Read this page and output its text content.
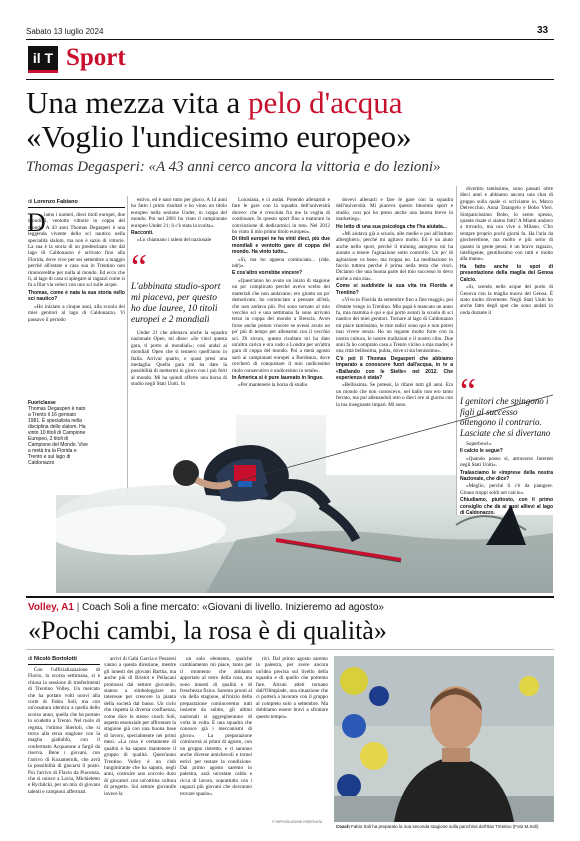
Sabato 13 luglio 2024	33
il T Sport
Una mezza vita a pelo d'acqua
«Voglio l'undicesimo europeo»
Thomas Degasperi: «A 43 anni cerco ancora la vittoria e do lezioni»
di Lorenzo Fabiano
D

iamo i numeri, dieci titoli europei, due mondiali, ventotto vittorie in coppa del mondo. A 43 anni Thomas Degasperi è una leggenda vivente dello sci nautico nella specialità slalom, ma non è sazio di vittorie. La sua è la storia di un predestinato che dal lago di Caldonazzo è arrivato fino alla Florida, dove vive per sei settembre a maggio perché all'estate a casa sua in Trentino non rinuncerebbe per nulla al mondo. Ed ecco che lì, al lago di casa si spiegare ai ragazzi come si fa a filar via veloci con uno sci sulle acque.

Thomas, come è nata la sua storia nello sci nautico?

«Ho iniziato a cinque anni, alla scuola dei miei genitori al lago di Caldonazzo. Vi passavo il periodo

Fuoriclasse
Thomas Degasperi è nato a Trento il 16 gennaio 1981. È specialista nella disciplina dello slalom. Ha vinto 10 titoli di Campione Europeo, 2 titoli di Campione del Mondo. Vive a metà tra la Florida e Trento e sul lago di Caldonazzo

estivo, ed è nato tutto per gioco. A 14 anni ho fatto i primi risultati e ho vinto un titolo europeo nella sezione Under, in coppa del mondo. Poi nel 2001 ho vinto il campionato europeo Under 21; lì c'è stata la svolta».

Racconti.

«Lo chiamano i talent del nazionale

“
L'abbinata studio-sport mi piaceva, per questo ho due lauree, 10 titoli europei e 2 mondiali

Under 21 che allenava anche la squadra nazionale Open, mi disse: «Se vinci questa gara, ti porto ai mondiali»; così andai ai mondiali Open che si tennero quell'anno in Italia. Arrivai quarto, e quasi presi una medaglia. Quella gara mi ha dato la possibilità di mettermi in gioco con i più forti al mondo. Mi ha quindi offerto una borsa di studio negli Stati Uniti. In

Louisiana, e ci andai. Potendo allenarmi e fare le gare con la squadra dell'università dicevo: che è cresciuta fra me la voglia di continuare. In questo sport fino a maturare la convinzione di dedicarmici in toto. Nel 2012 ho vinto il mio primo titolo europeo».

Di titoli europei ne ha vinti dieci, più due mondiali e ventotto gare di coppa del mondo. Ha vinto tutto...

«Sì, ma ho appena cominciato... (ride, ndr)».

E cos'altro vorrebbe vincere?

«Quest'anno ho avuto un inizio di stagione un po' complicato perché avevo scelto dei materiali che non andavano; ero giunto un po' demotivato, ho cominciato a pensare all'età, che non andava più. Poi sono tornato al mio vecchio sci e una settimana fa sono arrivato terzo in coppa del mondo a Brescia. Avrei forse anche potuto vincere se avessi avuto un po' più di tempo per allenarmi con il vecchio sci. Di sicuro, questo risultato mi ha dato un'altra carica e ora vado a Londra per un'altra gara di coppa del mondo. Poi a metà agosto sarò ai campionati europei a Bordeaux, dove cercherò di conquistare il mio undicesimo titolo consecutivo e undicesimo in totale».

In America si è pure laureato in lingue.

«Per mantenere la borsa di studio

dovevi allenarti e fare le gare con la squadra dell'università. Mi piaceva questo binomio sport e studio, così poi ho preso anche una laurea breve in marketing».

Ho letto di una sua psicologa che l'ha aiutata...

«Mi aiutava già a scuola, alle medie e poi all'istituto alberghiero, perché mi agitavo molto. Ed è un aiuto anche nello sport, perché il training autogeno mi ha aiutato a tenere l'agitazione sotto controllo. Un po' di agitazione va bene, ma troppa no. La meditazione lo faccio tuttora perché è prima nella testa che vinci. Diciamo che una buona parte del mio successo lo devo anche a mia zia».

Come si suddivide la sua vita tra Florida e Trentino?

«Vivo in Florida da settembre fino a fine maggio, poi d'estate vengo in Trentino. Mio papà è mancato un anno fa, mia mamma è qui e qui porto avanti la scuola di sci nautico dei miei genitori. Tornare al lago di Caldonazzo mi piace tantissimo, le mie radici sono qui e non potrei mai vivere senza. Ho un legame molto forte con la nostra cultura, le nostre tradizioni e il nostro cibo. Due anni fa ho comprato casa a Trento vicino a mia madre; è una città bellissima, pulita, dove si sta benissimo».

C'è poi il Thomas Degasperi che abbiamo imparato a conoscere fuori dall'acqua, in tv a «Ballando con le Stelle» nel 2012. Che esperienza è stata?

«Bellissima. Se potessi, la rifarei tutti gli anni. Era un mondo che non conoscevo, nel ballo non ero tanto ferrato, ma poi allenandoli otto o dieci ore al giorno con la tua insegnante impari. Mi sono

divertito tantissimo, sono passati oltre dieci anni e abbiamo ancora una chat di gruppo sulla quale ci scriviamo io, Marco Delvecchio, Anna Tatangelo e Bobo Vieri. Simpaticissimo Bobo, lo sento spesso, quante risate ci siamo fatti! A Miami andavo a trovarlo, ma ora vive a Milano. C'ho sempre proprio pochi giorni fa. Ha l'aria da giocherellone, ma molto è più serio di quanto la gente pensi; è un bravo ragazzo, intelligente, gentilissimo con tutti e molto alla mano».

Ha fatto anche lo spot di presentazione della maglia del Genoa Calcio.

«Sì, scendo nelle acque del porto di Genova con la maglia nuova del Genoa. È stato molto divertente. Negli Stati Uniti ho anche fatto degli spot che sono andati in onda durante il

“
I genitori che spingono i figli al successo ottengono il contrario. Lasciate che si divertano

Superbowl».

Il calcio le segue?

«Quando posso sì, attraverso Internet negli Stati Uniti».

Tralasciamo le «imprese della nostra Nazionale, che dice?

«Meglio, perché lì c'è da piangere. Gitano troppi soldi nel calcio».

Chiudiamo, piuttosto, con il primo consiglio che dà ai suoi allievi al lago di Caldonazzo.

Volley, A1 | Coach Soli a fine mercato: «Giovani di livello. Inizieremo ad agosto»
«Pochi cambi, la rosa è di qualità»
di Nicolò Bortolotti

Con l'ufficializzazione di Flavio, la scorsa settimana, si è chiusa la sessione di trasferimenti di Trentino Volley. Un mercato che ha portato volti nuovi alla corte di Fabio Soli, ma con un'ossatura identica a quella dello scorso anno, quella che ha portato lo scudetto a Trento. Nel ruolo di regista, l'ottimo Sbertoli, che si trova alla terza stagione con la maglia gialloblù, con il confermato Acquarone a fargli da riserva. Bene i giovani, con l'arrivo di Kozamernik, che avrà la possibilità di giocarsi il posto. Poi l'arrivo di Flavio da Piacenza, che si unisce a Lavia, Michieletto e Rychlicki, per un mix di giovani talenti e campioni affermati.

arrivi di Gabi Garcia e Pesaresi vanno a questa direzione, mentre gli innesti dei giovani Bartha, ma anche più di Bristot e Pellacani promossi dal settore giovanile, stanno a simboleggiare un interesse per crescere la pianta della società dal basso. Un ciclo che rispetta la diversa confluenza, come dice lo stesso coach Soli, aspetto essenziale per affrontare la stagione già con una buona base di lavoro, specialmente nei primi mesi. «La rosa è certamente di qualità e ha saputo mantenere il gruppo di qualità. Quest'anno Trentino Volley è un club lungimirante che ha saputo, negli anni, costruire uno zoccolo duro di giocatori con un'ottima cultura di progetto. Sul settore giovanile invece la

un solo elemento, qualche cambiamento mi piace, tanto per il momento che abbiamo apportato al resto della rosa, ma sono innesti di qualità e di freschezza fisica. Saremo pronti al via della stagione, all'inizio della preparazione cominceremo tutti insieme da subito, gli ultimi nazionali si aggregheranno di volta in volta. È una squadra che conosce già i meccanismi di gioco». La preparazione comincerà ai primi di agosto, con un gruppo ristretto, e ci saranno anche diverse amichevoli e tornei estivi per testare la condizione. Dal primo agosto saremo in palestra, sarà un'estate calda e ricca di lavoro, soprattutto con i ragazzi più giovani che dovranno trovare spazio».

tivi. Dal primo agosto saremo in palestra, per avere ancora un'idea precisa sul livello della squadra e di quello che potremo fare. Alcuni atleti tornano dall'Olimpiade, una situazione che ci porterà a lavorare con il gruppo al completo solo a settembre. Ma dobbiamo essere bravi a sfruttare questo tempo».

© RIPRODUZIONE RISERVATA
Coach Fabio Soli ha preparato la sua seconda stagione sulla panchina dell'Itas Trentino (Foto M.Soli)
